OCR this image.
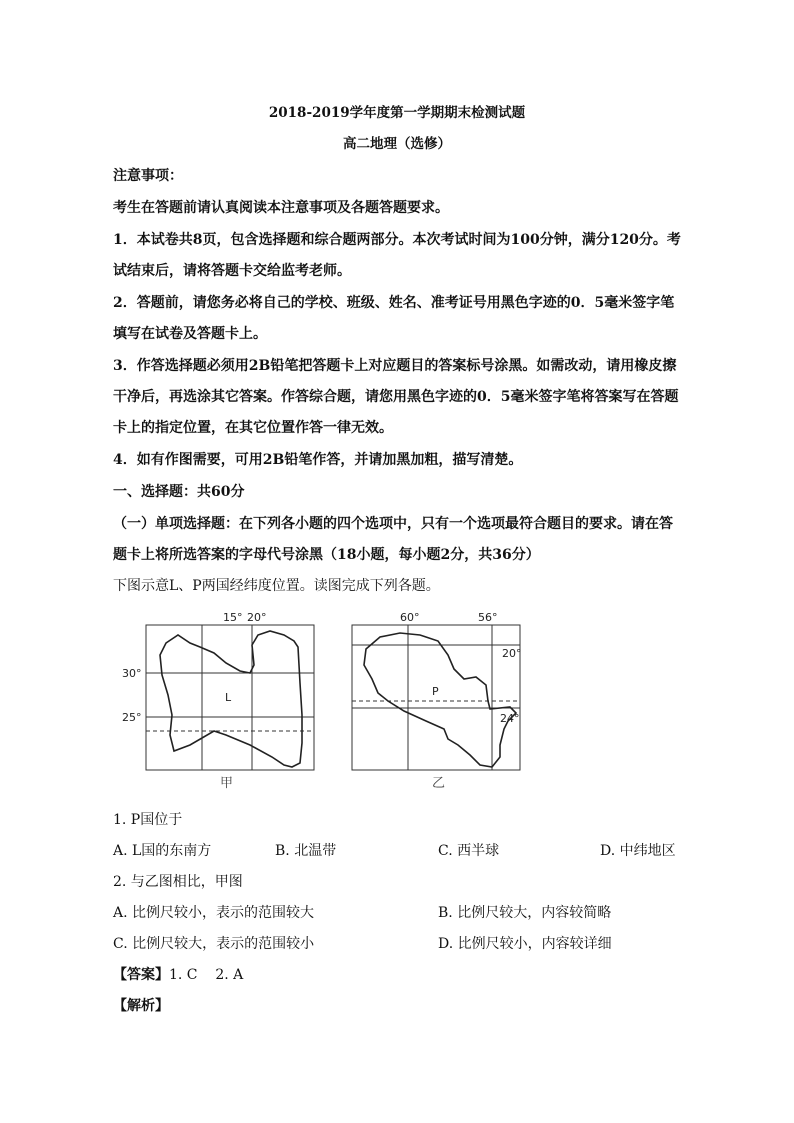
2018-2019学年度第一学期期末检测试题
高二地理（选修）
注意事项：
考生在答题前请认真阅读本注意事项及各题答题要求。
1．本试卷共8页，包含选择题和综合题两部分。本次考试时间为100分钟，满分120分。考
试结束后，请将答题卡交给监考老师。
2．答题前，请您务必将自己的学校、班级、姓名、准考证号用黑色字迹的0．5毫米签字笔
填写在试卷及答题卡上。
3．作答选择题必须用2B铅笔把答题卡上对应题目的答案标号涂黑。如需改动，请用橡皮擦
干净后，再选涂其它答案。作答综合题，请您用黑色字迹的0．5毫米签字笔将答案写在答题
卡上的指定位置，在其它位置作答一律无效。
4．如有作图需要，可用2B铅笔作答，并请加黑加粗，描写清楚。
一、选择题：共60分
（一）单项选择题：在下列各小题的四个选项中，只有一个选项最符合题目的要求。请在答
题卡上将所选答案的字母代号涂黑（18小题，每小题2分，共36分）
下图示意L、P两国经纬度位置。读图完成下列各题。
15° 20°
30°
25°
L
甲
60°	56°
20°
24°
P
乙
1. P国位于
A. L国的东南方	B. 北温带	C. 西半球	D. 中纬地区
2. 与乙图相比，甲图
A. 比例尺较小，表示的范围较大	B. 比例尺较大，内容较简略
C. 比例尺较大，表示的范围较小	D. 比例尺较小，内容较详细
【答案】1. C    2. A
【解析】
